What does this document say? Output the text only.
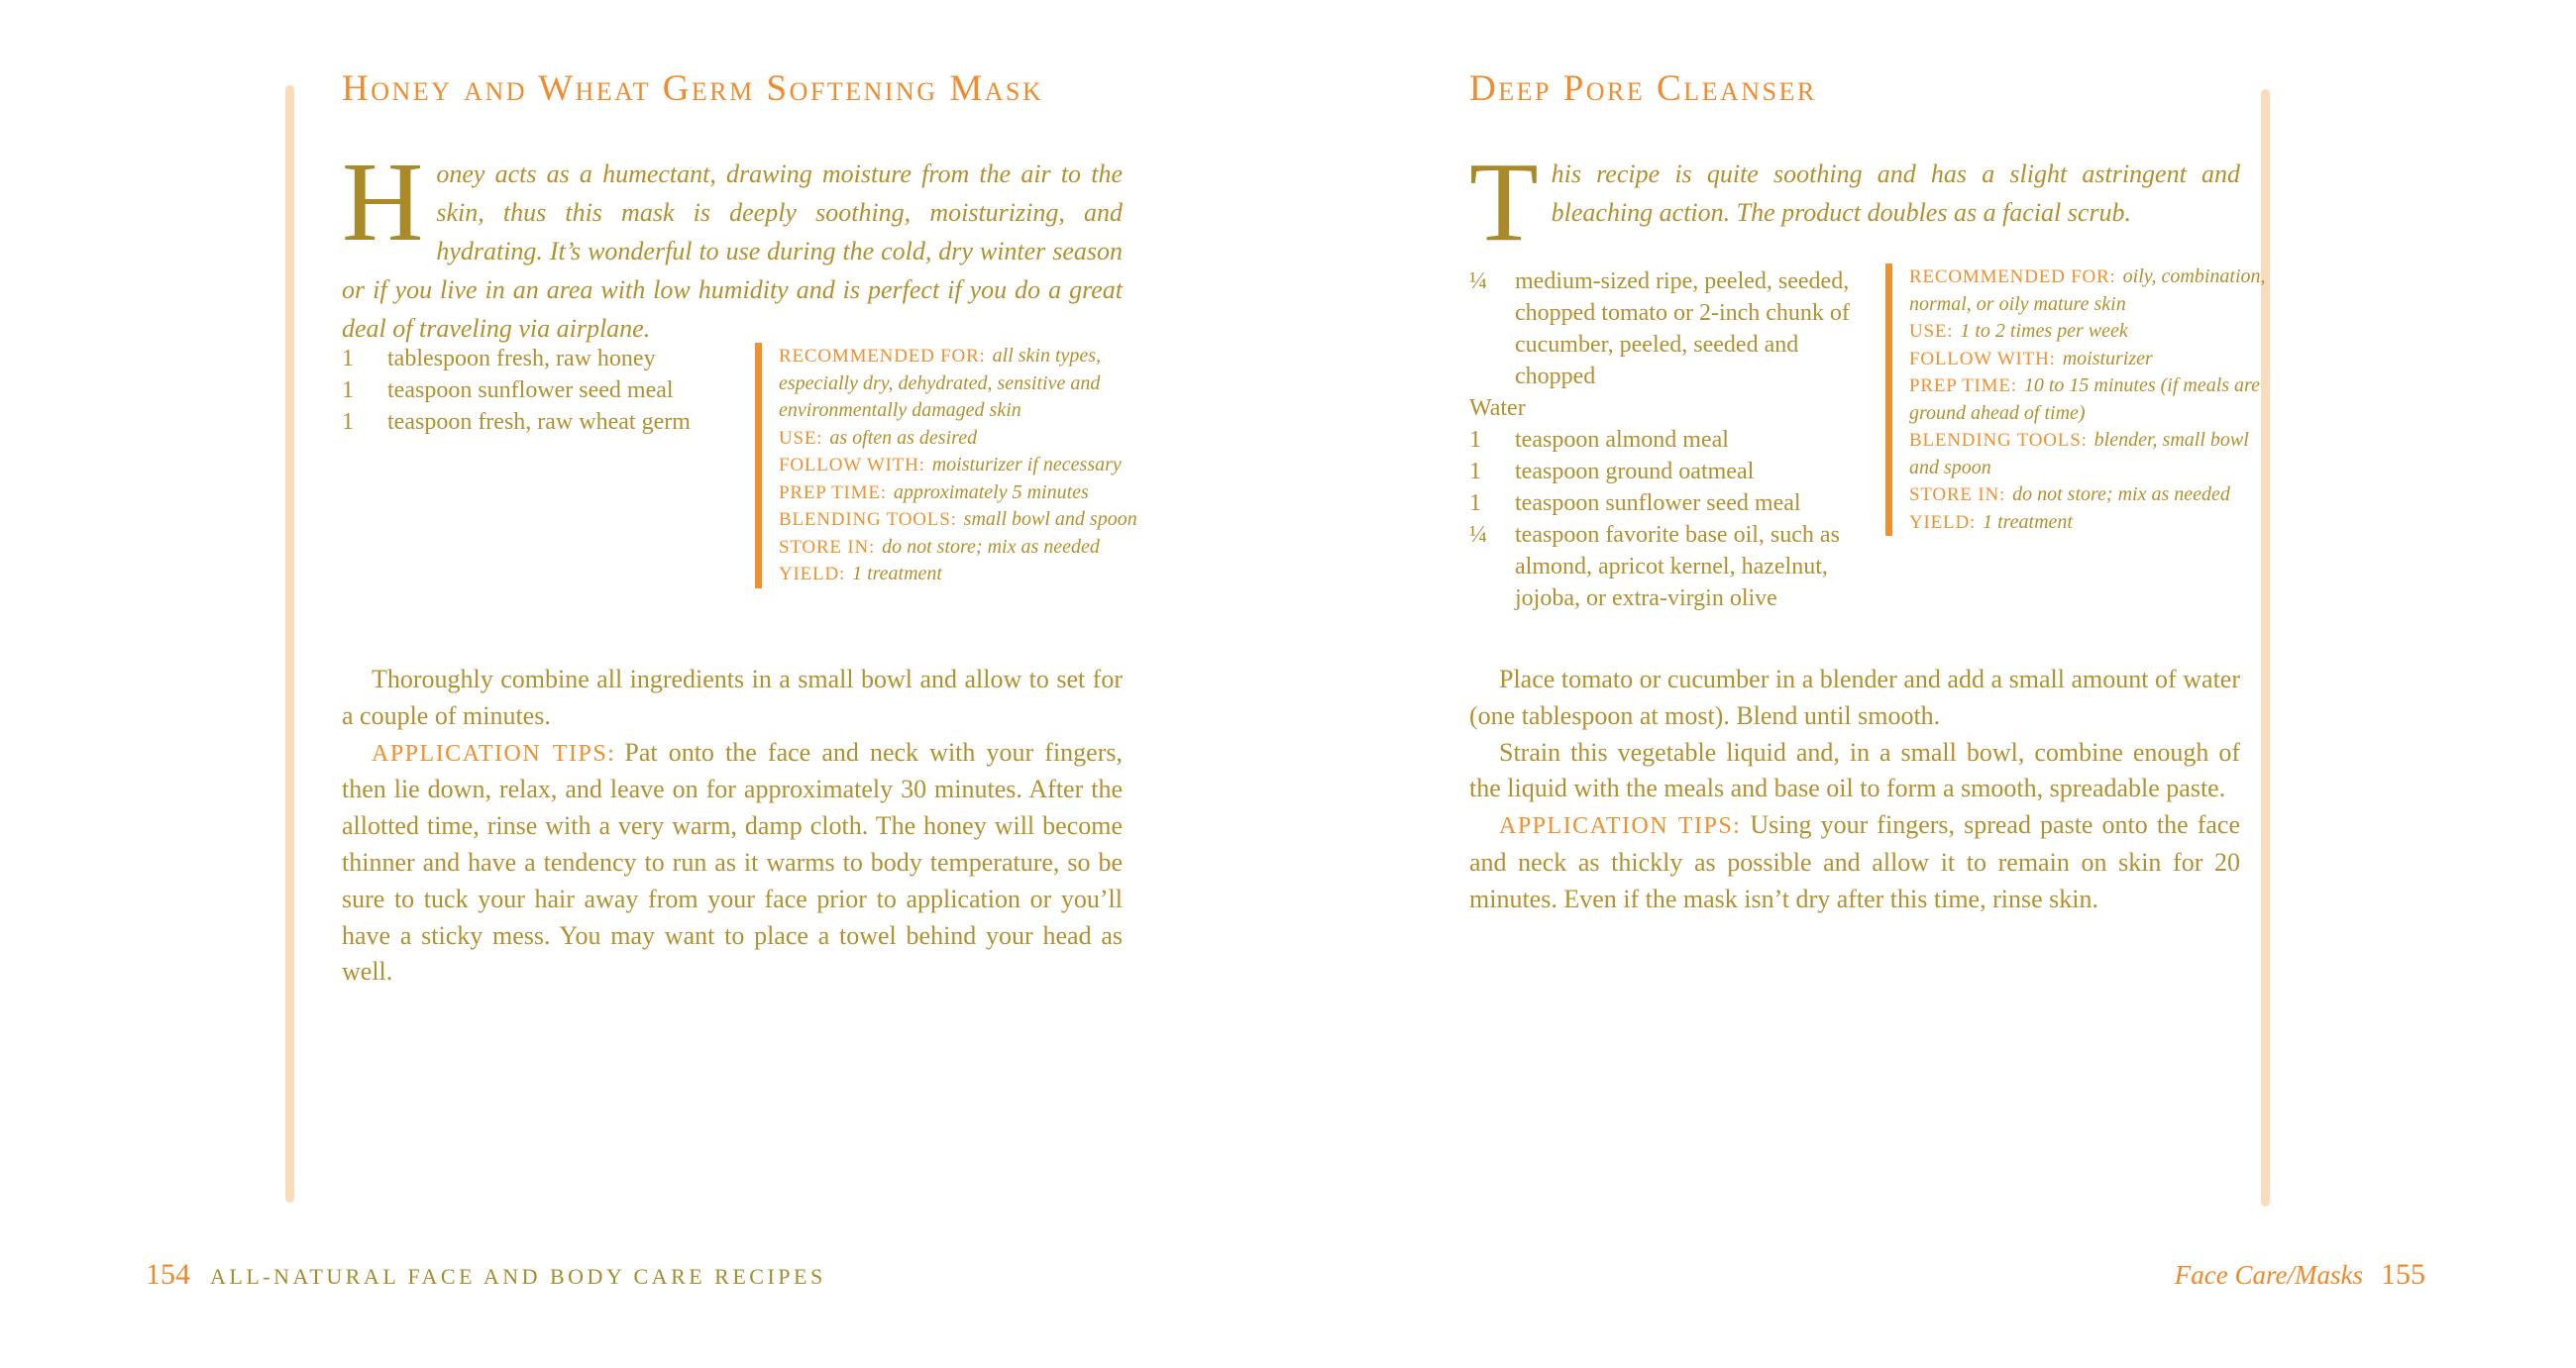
Honey and Wheat Germ Softening Mask

Honey acts as a humectant, drawing moisture from the air to the skin, thus this mask is deeply soothing, moisturizing, and hydrating. It’s wonderful to use during the cold, dry winter season or if you live in an area with low humidity and is perfect if you do a great deal of traveling via airplane.

1	tablespoon fresh, raw honey
1	teaspoon sunflower seed meal
1	teaspoon fresh, raw wheat germ
RECOMMENDED FOR: all skin types, especially dry, dehydrated, sensitive and environmentally damaged skin
USE: as often as desired
FOLLOW WITH: moisturizer if necessary
PREP TIME: approximately 5 minutes
BLENDING TOOLS: small bowl and spoon
STORE IN: do not store; mix as needed
YIELD: 1 treatment

Thoroughly combine all ingredients in a small bowl and allow to set for a couple of minutes.

APPLICATION TIPS: Pat onto the face and neck with your fingers, then lie down, relax, and leave on for approximately 30 minutes. After the allotted time, rinse with a very warm, damp cloth. The honey will become thinner and have a tendency to run as it warms to body temperature, so be sure to tuck your hair away from your face prior to application or you’ll have a sticky mess. You may want to place a towel behind your head as well.

154 ALL-NATURAL FACE AND BODY CARE RECIPES
Deep Pore Cleanser

This recipe is quite soothing and has a slight astringent and bleaching action. The product doubles as a facial scrub.

¼	medium-sized ripe, peeled, seeded, chopped tomato or 2-inch chunk of cucumber, peeled, seeded and chopped
Water
1	teaspoon almond meal
1	teaspoon ground oatmeal
1	teaspoon sunflower seed meal
¼	teaspoon favorite base oil, such as almond, apricot kernel, hazelnut, jojoba, or extra-virgin olive
RECOMMENDED FOR: oily, combination, normal, or oily mature skin
USE: 1 to 2 times per week
FOLLOW WITH: moisturizer
PREP TIME: 10 to 15 minutes (if meals are ground ahead of time)
BLENDING TOOLS: blender, small bowl and spoon
STORE IN: do not store; mix as needed
YIELD: 1 treatment

Place tomato or cucumber in a blender and add a small amount of water (one tablespoon at most). Blend until smooth.

Strain this vegetable liquid and, in a small bowl, combine enough of the liquid with the meals and base oil to form a smooth, spreadable paste.

APPLICATION TIPS: Using your fingers, spread paste onto the face and neck as thickly as possible and allow it to remain on skin for 20 minutes. Even if the mask isn’t dry after this time, rinse skin.

Face Care/Masks 155
